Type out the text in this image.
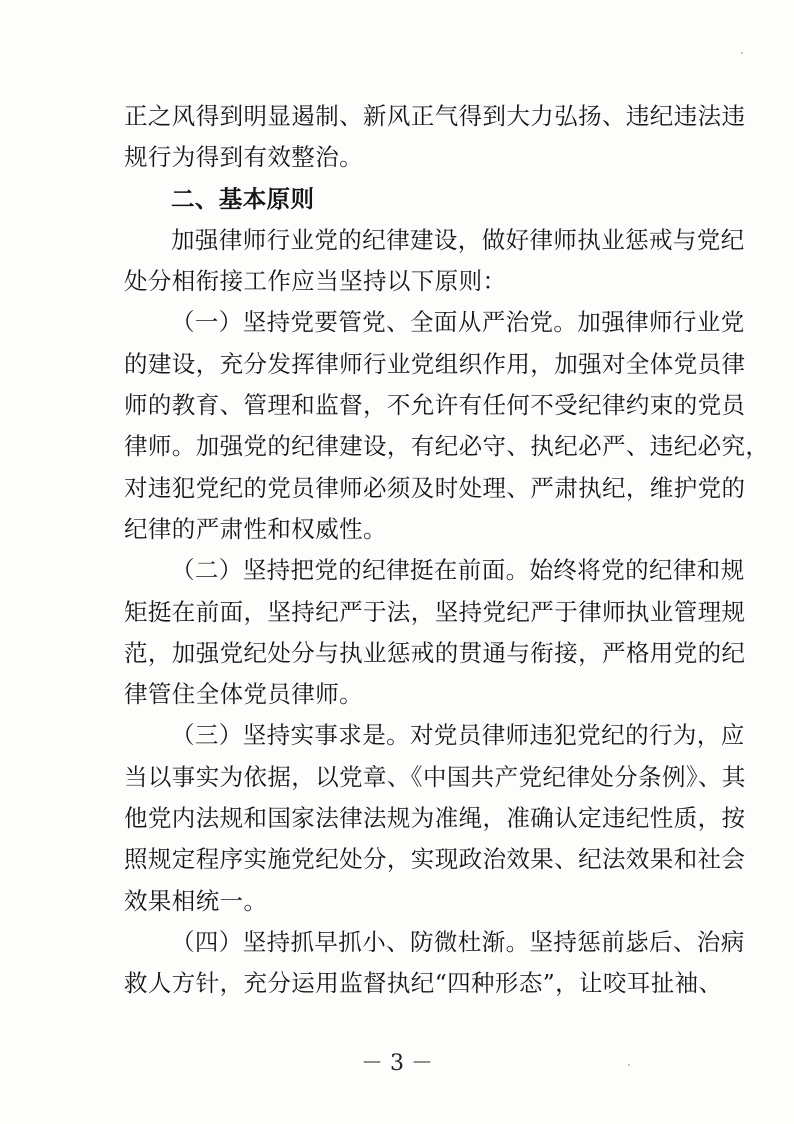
正之风得到明显遏制、新风正气得到大力弘扬、违纪违法违
规行为得到有效整治。
二、基本原则
加强律师行业党的纪律建设，做好律师执业惩戒与党纪
处分相衔接工作应当坚持以下原则：
（一）坚持党要管党、全面从严治党。加强律师行业党
的建设，充分发挥律师行业党组织作用，加强对全体党员律
师的教育、管理和监督，不允许有任何不受纪律约束的党员
律师。加强党的纪律建设，有纪必守、执纪必严、违纪必究，
对违犯党纪的党员律师必须及时处理、严肃执纪，维护党的
纪律的严肃性和权威性。
（二）坚持把党的纪律挺在前面。始终将党的纪律和规
矩挺在前面，坚持纪严于法，坚持党纪严于律师执业管理规
范，加强党纪处分与执业惩戒的贯通与衔接，严格用党的纪
律管住全体党员律师。
（三）坚持实事求是。对党员律师违犯党纪的行为，应
当以事实为依据，以党章、《中国共产党纪律处分条例》、其
他党内法规和国家法律法规为准绳，准确认定违纪性质，按
照规定程序实施党纪处分，实现政治效果、纪法效果和社会
效果相统一。
（四）坚持抓早抓小、防微杜渐。坚持惩前毖后、治病
救人方针，充分运用监督执纪“四种形态”，让咬耳扯袖、
－ 3 －
